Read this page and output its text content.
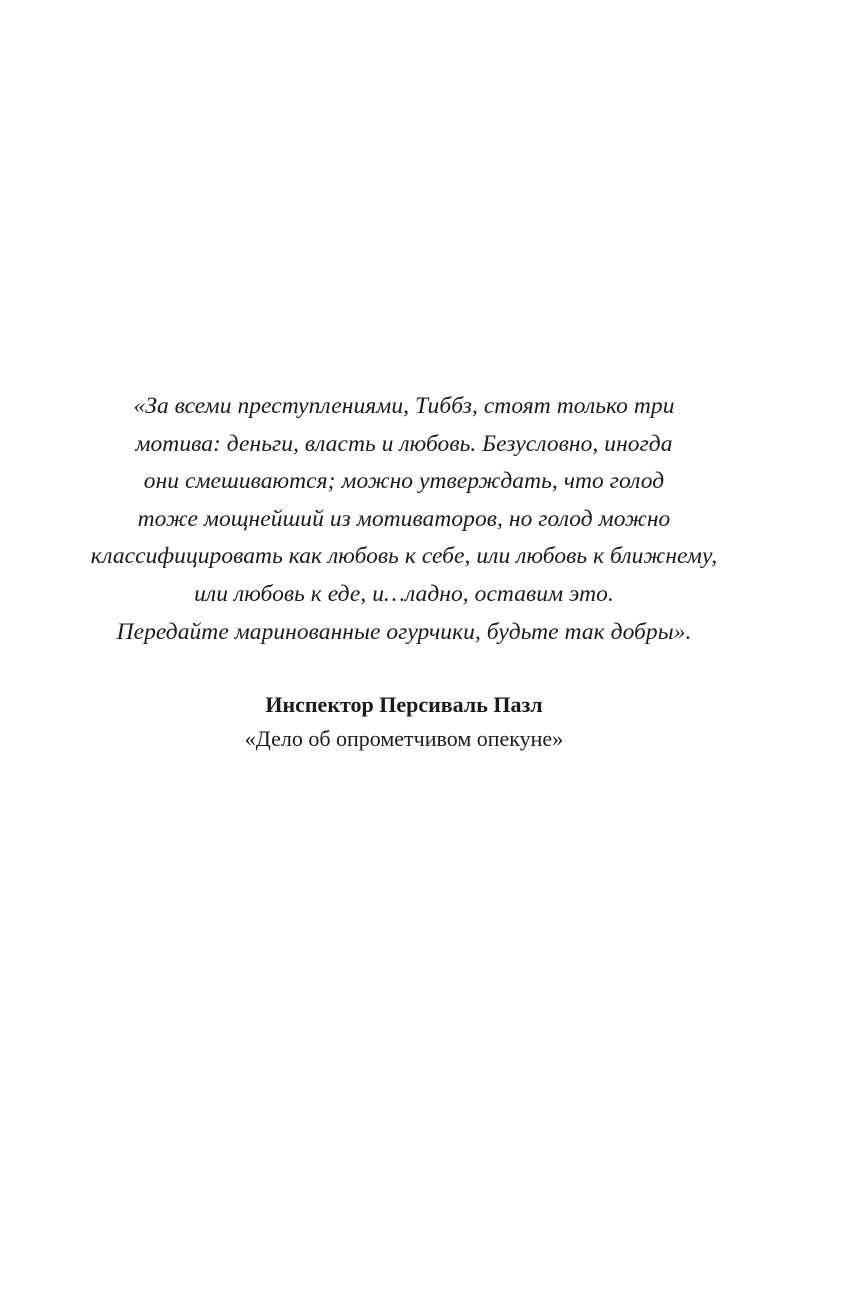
«За всеми преступлениями, Тиббз, стоят только три
мотива: деньги, власть и любовь. Безусловно, иногда
они смешиваются; можно утверждать, что голод
тоже мощнейший из мотиваторов, но голод можно
классифицировать как любовь к себе, или любовь к ближнему,
или любовь к еде, и…ладно, оставим это.
Передайте маринованные огурчики, будьте так добры».
Инспектор Персиваль Пазл
«Дело об опрометчивом опекуне»
